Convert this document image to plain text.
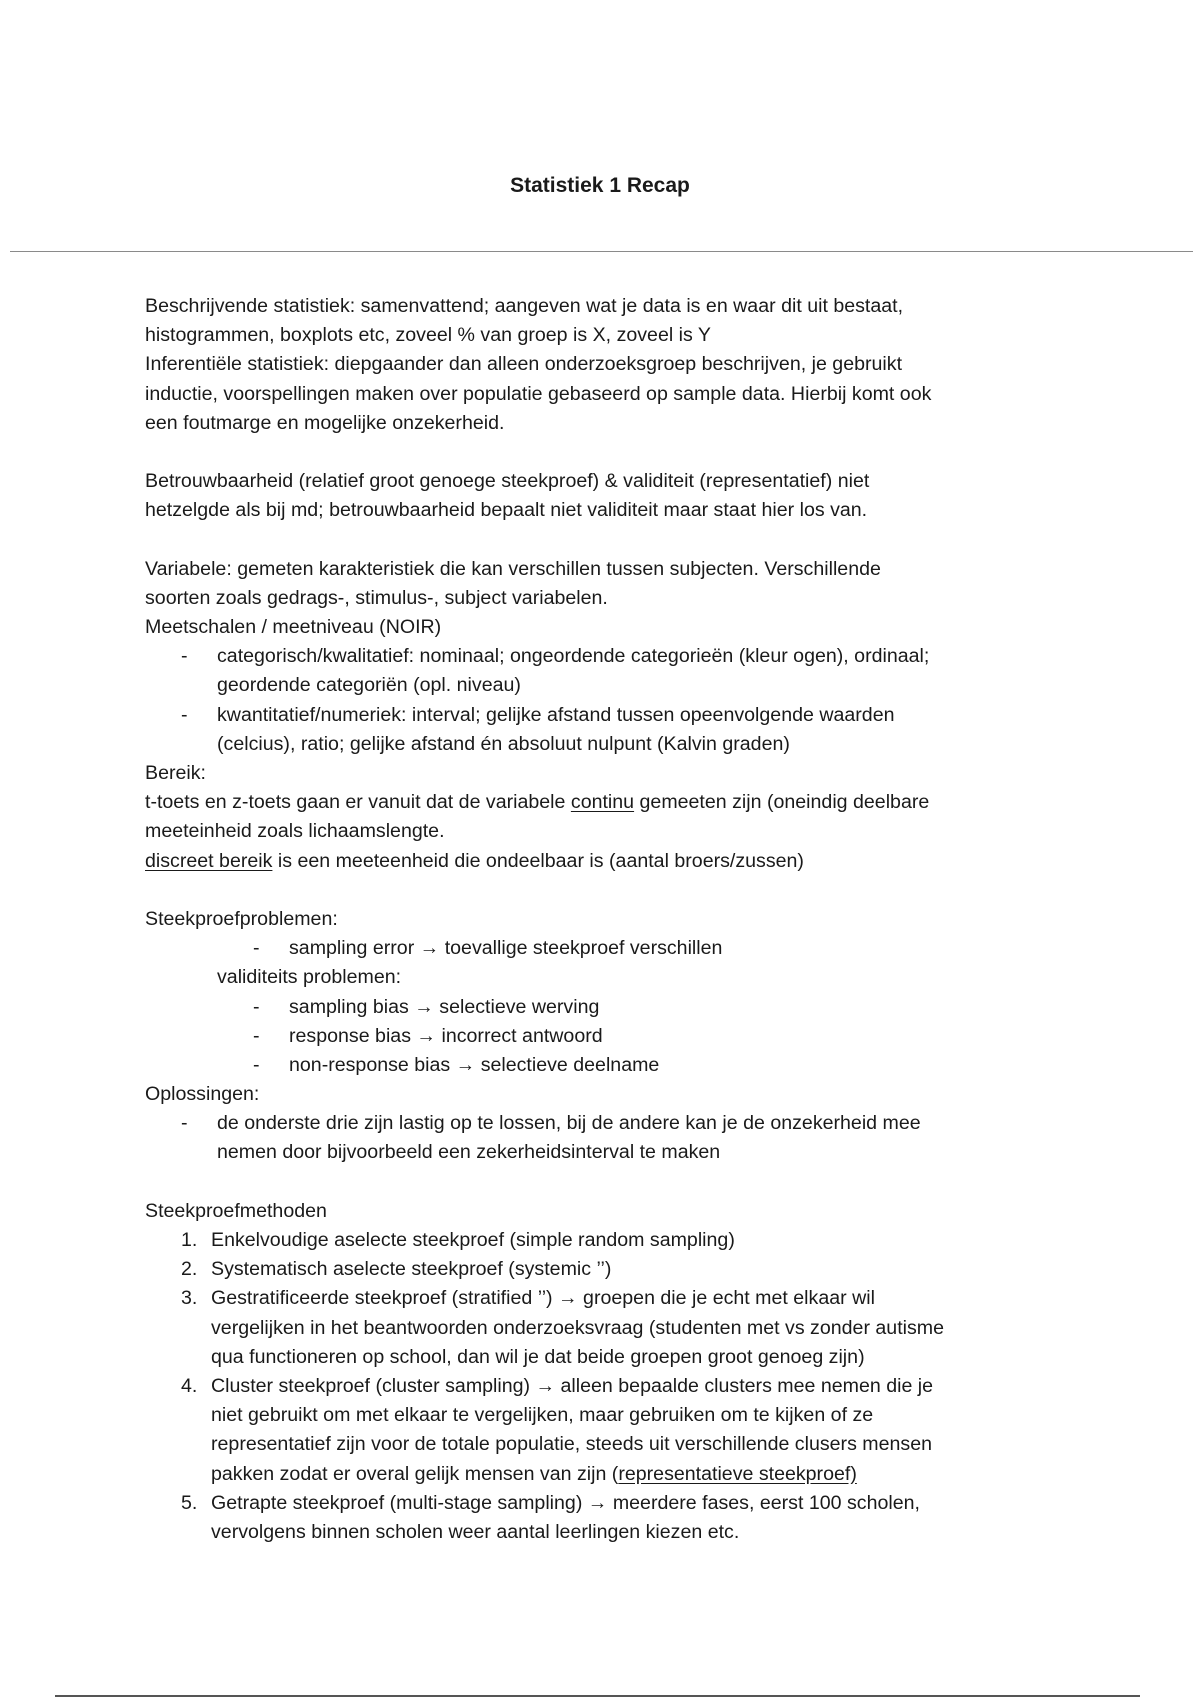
Statistiek 1 Recap
Beschrijvende statistiek: samenvattend; aangeven wat je data is en waar dit uit bestaat,
histogrammen, boxplots etc, zoveel % van groep is X, zoveel is Y
Inferentiële statistiek: diepgaander dan alleen onderzoeksgroep beschrijven, je gebruikt
inductie, voorspellingen maken over populatie gebaseerd op sample data. Hierbij komt ook
een foutmarge en mogelijke onzekerheid.
Betrouwbaarheid (relatief groot genoege steekproef) & validiteit (representatief) niet
hetzelgde als bij md; betrouwbaarheid bepaalt niet validiteit maar staat hier los van.
Variabele: gemeten karakteristiek die kan verschillen tussen subjecten. Verschillende
soorten zoals gedrags-, stimulus-, subject variabelen.
Meetschalen / meetniveau (NOIR)
-	categorisch/kwalitatief: nominaal; ongeordende categorieën (kleur ogen), ordinaal;
geordende categoriën (opl. niveau)
-	kwantitatief/numeriek: interval; gelijke afstand tussen opeenvolgende waarden
(celcius), ratio; gelijke afstand én absoluut nulpunt (Kalvin graden)
Bereik:
t-toets en z-toets gaan er vanuit dat de variabele continu gemeeten zijn (oneindig deelbare
meeteinheid zoals lichaamslengte.
discreet bereik is een meeteenheid die ondeelbaar is (aantal broers/zussen)
Steekproefproblemen:
-	sampling error → toevallige steekproef verschillen
validiteits problemen:
-	sampling bias → selectieve werving
-	response bias → incorrect antwoord
-	non-response bias → selectieve deelname
Oplossingen:
-	de onderste drie zijn lastig op te lossen, bij de andere kan je de onzekerheid mee
nemen door bijvoorbeeld een zekerheidsinterval te maken
Steekproefmethoden
1. Enkelvoudige aselecte steekproef (simple random sampling)
2. Systematisch aselecte steekproef (systemic ’’)
3. Gestratificeerde steekproef (stratified ’’) → groepen die je echt met elkaar wil
vergelijken in het beantwoorden onderzoeksvraag (studenten met vs zonder autisme
qua functioneren op school, dan wil je dat beide groepen groot genoeg zijn)
4. Cluster steekproef (cluster sampling) → alleen bepaalde clusters mee nemen die je
niet gebruikt om met elkaar te vergelijken, maar gebruiken om te kijken of ze
representatief zijn voor de totale populatie, steeds uit verschillende clusers mensen
pakken zodat er overal gelijk mensen van zijn (representatieve steekproef)
5. Getrapte steekproef (multi-stage sampling) → meerdere fases, eerst 100 scholen,
vervolgens binnen scholen weer aantal leerlingen kiezen etc.
